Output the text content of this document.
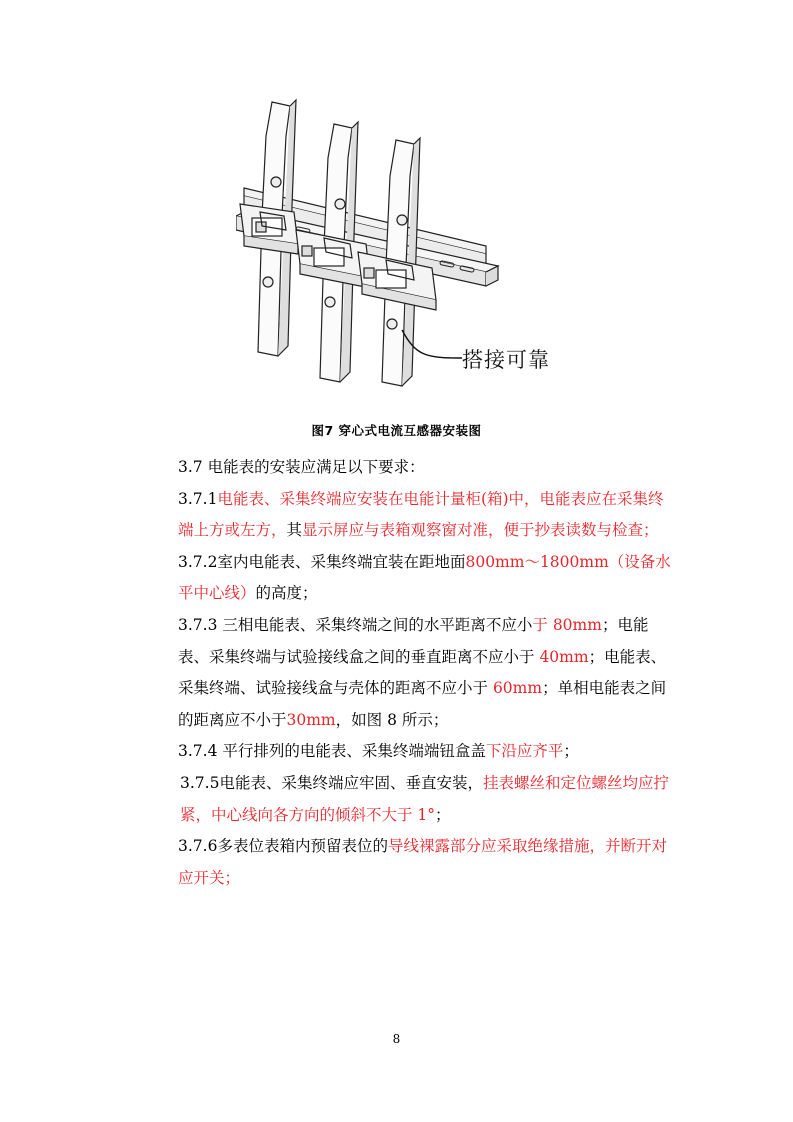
搭接可靠
图7 穿心式电流互感器安装图

3.7 电能表的安装应满足以下要求：

3.7.1电能表、采集终端应安装在电能计量柜(箱)中，电能表应在采集终端上方或左方，其显示屏应与表箱观察窗对准，便于抄表读数与检查；

3.7.2室内电能表、采集终端宜装在距地面800mm～1800mm（设备水平中心线）的高度；

3.7.3 三相电能表、采集终端之间的水平距离不应小于 80mm；电能表、采集终端与试验接线盒之间的垂直距离不应小于 40mm；电能表、采集终端、试验接线盒与壳体的距离不应小于 60mm；单相电能表之间的距离应不小于30mm，如图 8 所示；

3.7.4 平行排列的电能表、采集终端端钮盒盖下沿应齐平；

3.7.5电能表、采集终端应牢固、垂直安装，挂表螺丝和定位螺丝均应拧紧，中心线向各方向的倾斜不大于 1°；

3.7.6多表位表箱内预留表位的导线裸露部分应采取绝缘措施，并断开对应开关；

8
